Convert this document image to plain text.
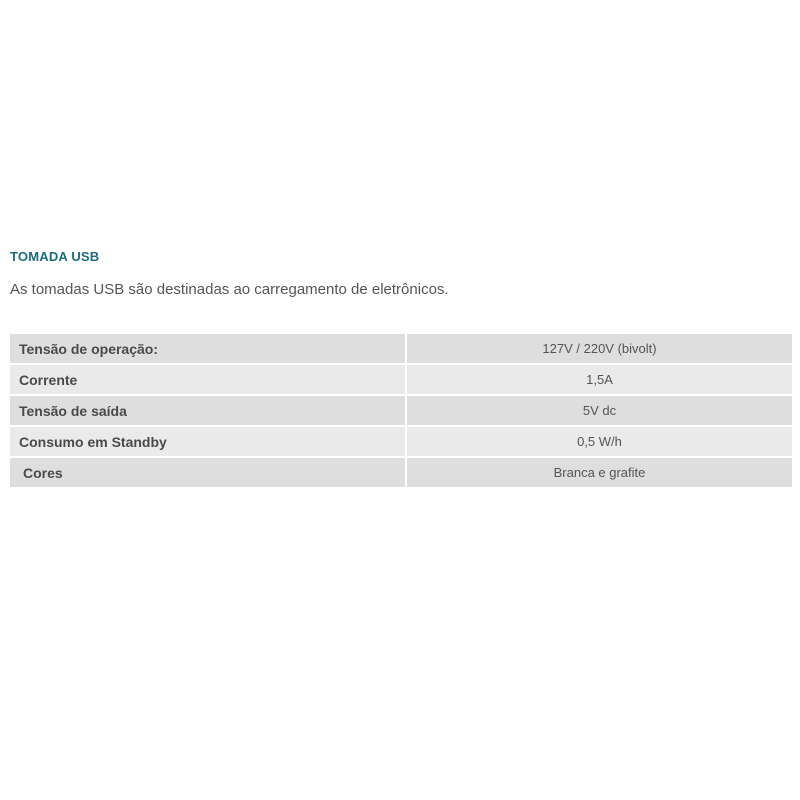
TOMADA USB
As tomadas USB são destinadas ao carregamento de eletrônicos.
Tensão de operação:	127V / 220V (bivolt)
Corrente	1,5A
Tensão de saída	5V dc
Consumo em Standby	0,5 W/h
Cores	Branca e grafite
